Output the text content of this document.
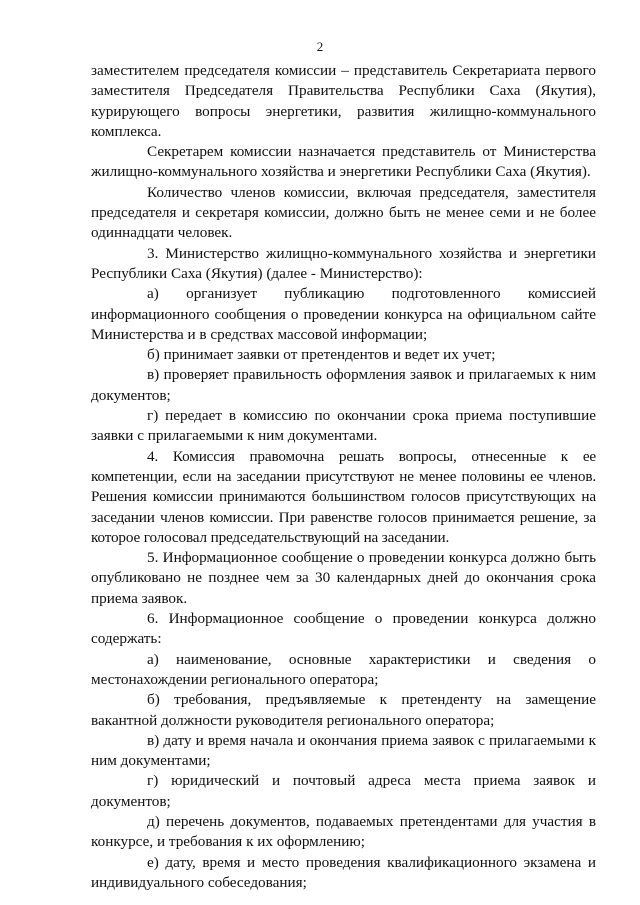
2

заместителем председателя комиссии – представитель Секретариата первого заместителя Председателя Правительства Республики Саха (Якутия), курирующего вопросы энергетики, развития жилищно-коммунального комплекса.

Секретарем комиссии назначается представитель от Министерства жилищно-коммунального хозяйства и энергетики Республики Саха (Якутия).

Количество членов комиссии, включая председателя, заместителя председателя и секретаря комиссии, должно быть не менее семи и не более одиннадцати человек.

3. Министерство жилищно-коммунального хозяйства и энергетики Республики Саха (Якутия) (далее - Министерство):

а) организует публикацию подготовленного комиссией информационного сообщения о проведении конкурса на официальном сайте Министерства и в средствах массовой информации;

б) принимает заявки от претендентов и ведет их учет;

в) проверяет правильность оформления заявок и прилагаемых к ним документов;

г) передает в комиссию по окончании срока приема поступившие заявки с прилагаемыми к ним документами.

4. Комиссия правомочна решать вопросы, отнесенные к ее компетенции, если на заседании присутствуют не менее половины ее членов. Решения комиссии принимаются большинством голосов присутствующих на заседании членов комиссии. При равенстве голосов принимается решение, за которое голосовал председательствующий на заседании.

5. Информационное сообщение о проведении конкурса должно быть опубликовано не позднее чем за 30 календарных дней до окончания срока приема заявок.

6. Информационное сообщение о проведении конкурса должно содержать:

а) наименование, основные характеристики и сведения о местонахождении регионального оператора;

б) требования, предъявляемые к претенденту на замещение вакантной должности руководителя регионального оператора;

в) дату и время начала и окончания приема заявок с прилагаемыми к ним документами;

г) юридический и почтовый адреса места приема заявок и документов;

д) перечень документов, подаваемых претендентами для участия в конкурсе, и требования к их оформлению;

е) дату, время и место проведения квалификационного экзамена и индивидуального собеседования;
